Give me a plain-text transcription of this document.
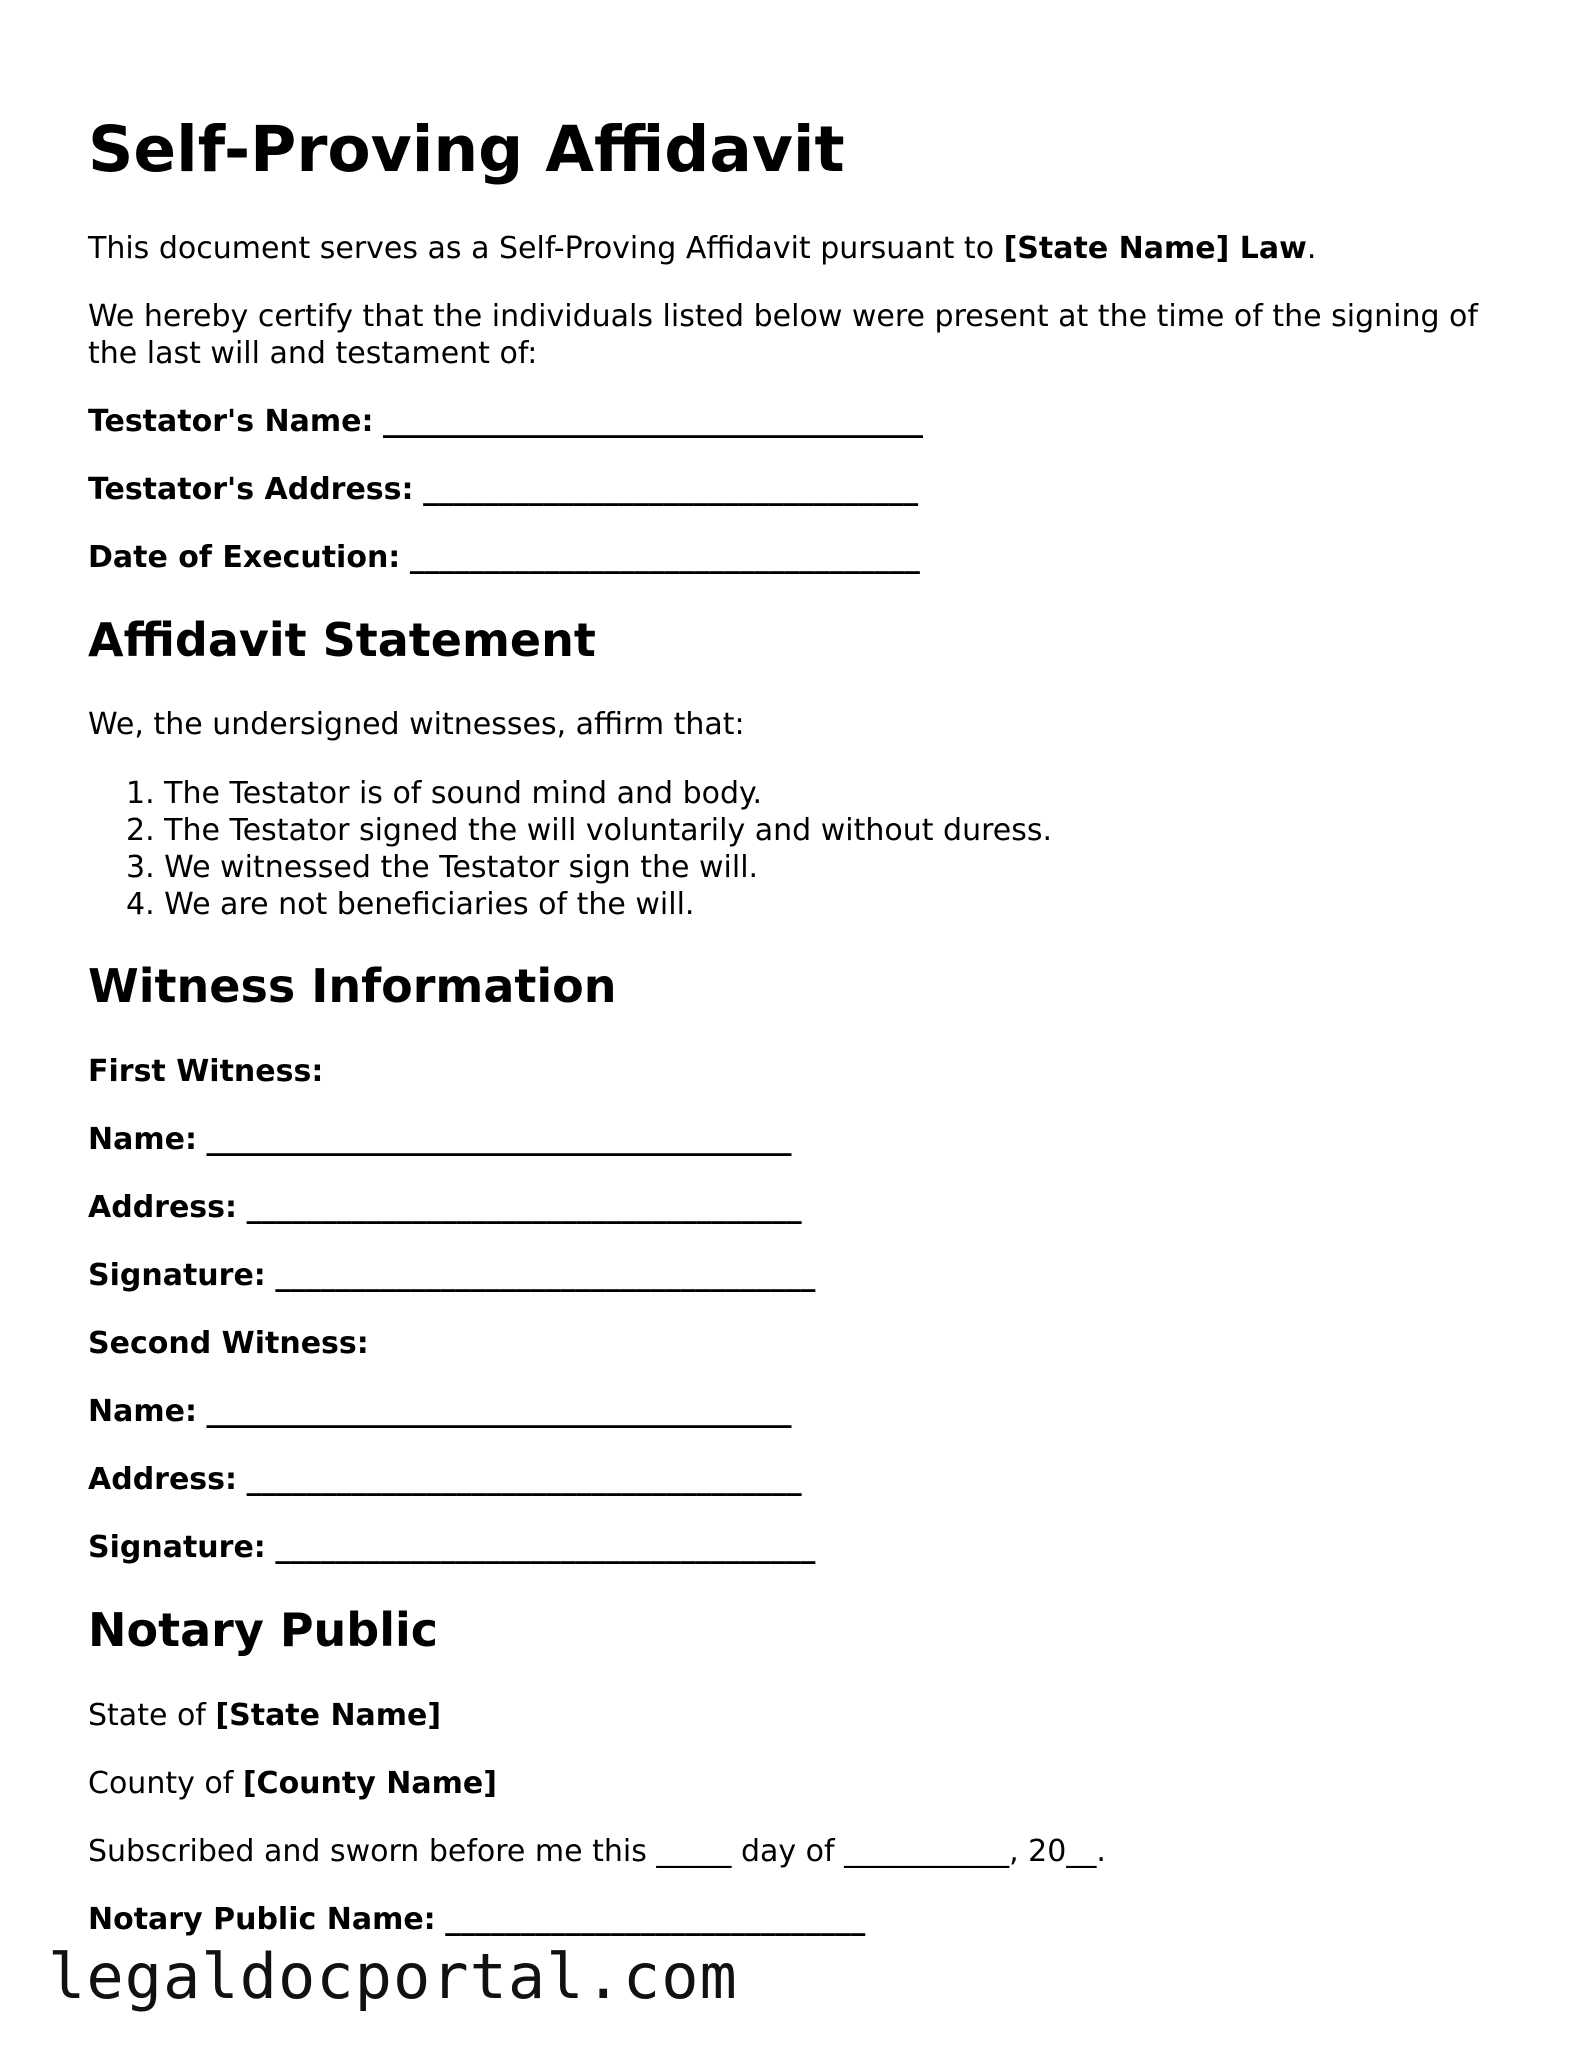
Self-Proving Affidavit

This document serves as a Self-Proving Affidavit pursuant to [State Name] Law.

We hereby certify that the individuals listed below were present at the time of the signing of the last will and testament of:

Testator's Name: ____________________________________

Testator's Address: _________________________________

Date of Execution: __________________________________

Affidavit Statement

We, the undersigned witnesses, affirm that:

1. The Testator is of sound mind and body.
2. The Testator signed the will voluntarily and without duress.
3. We witnessed the Testator sign the will.
4. We are not beneficiaries of the will.
Witness Information

First Witness:

Name: _______________________________________

Address: _____________________________________

Signature: ____________________________________

Second Witness:

Name: _______________________________________

Address: _____________________________________

Signature: ____________________________________

Notary Public

State of [State Name]

County of [County Name]

Subscribed and sworn before me this _____ day of ___________, 20__.

Notary Public Name: ____________________________

legaldocportal.com
